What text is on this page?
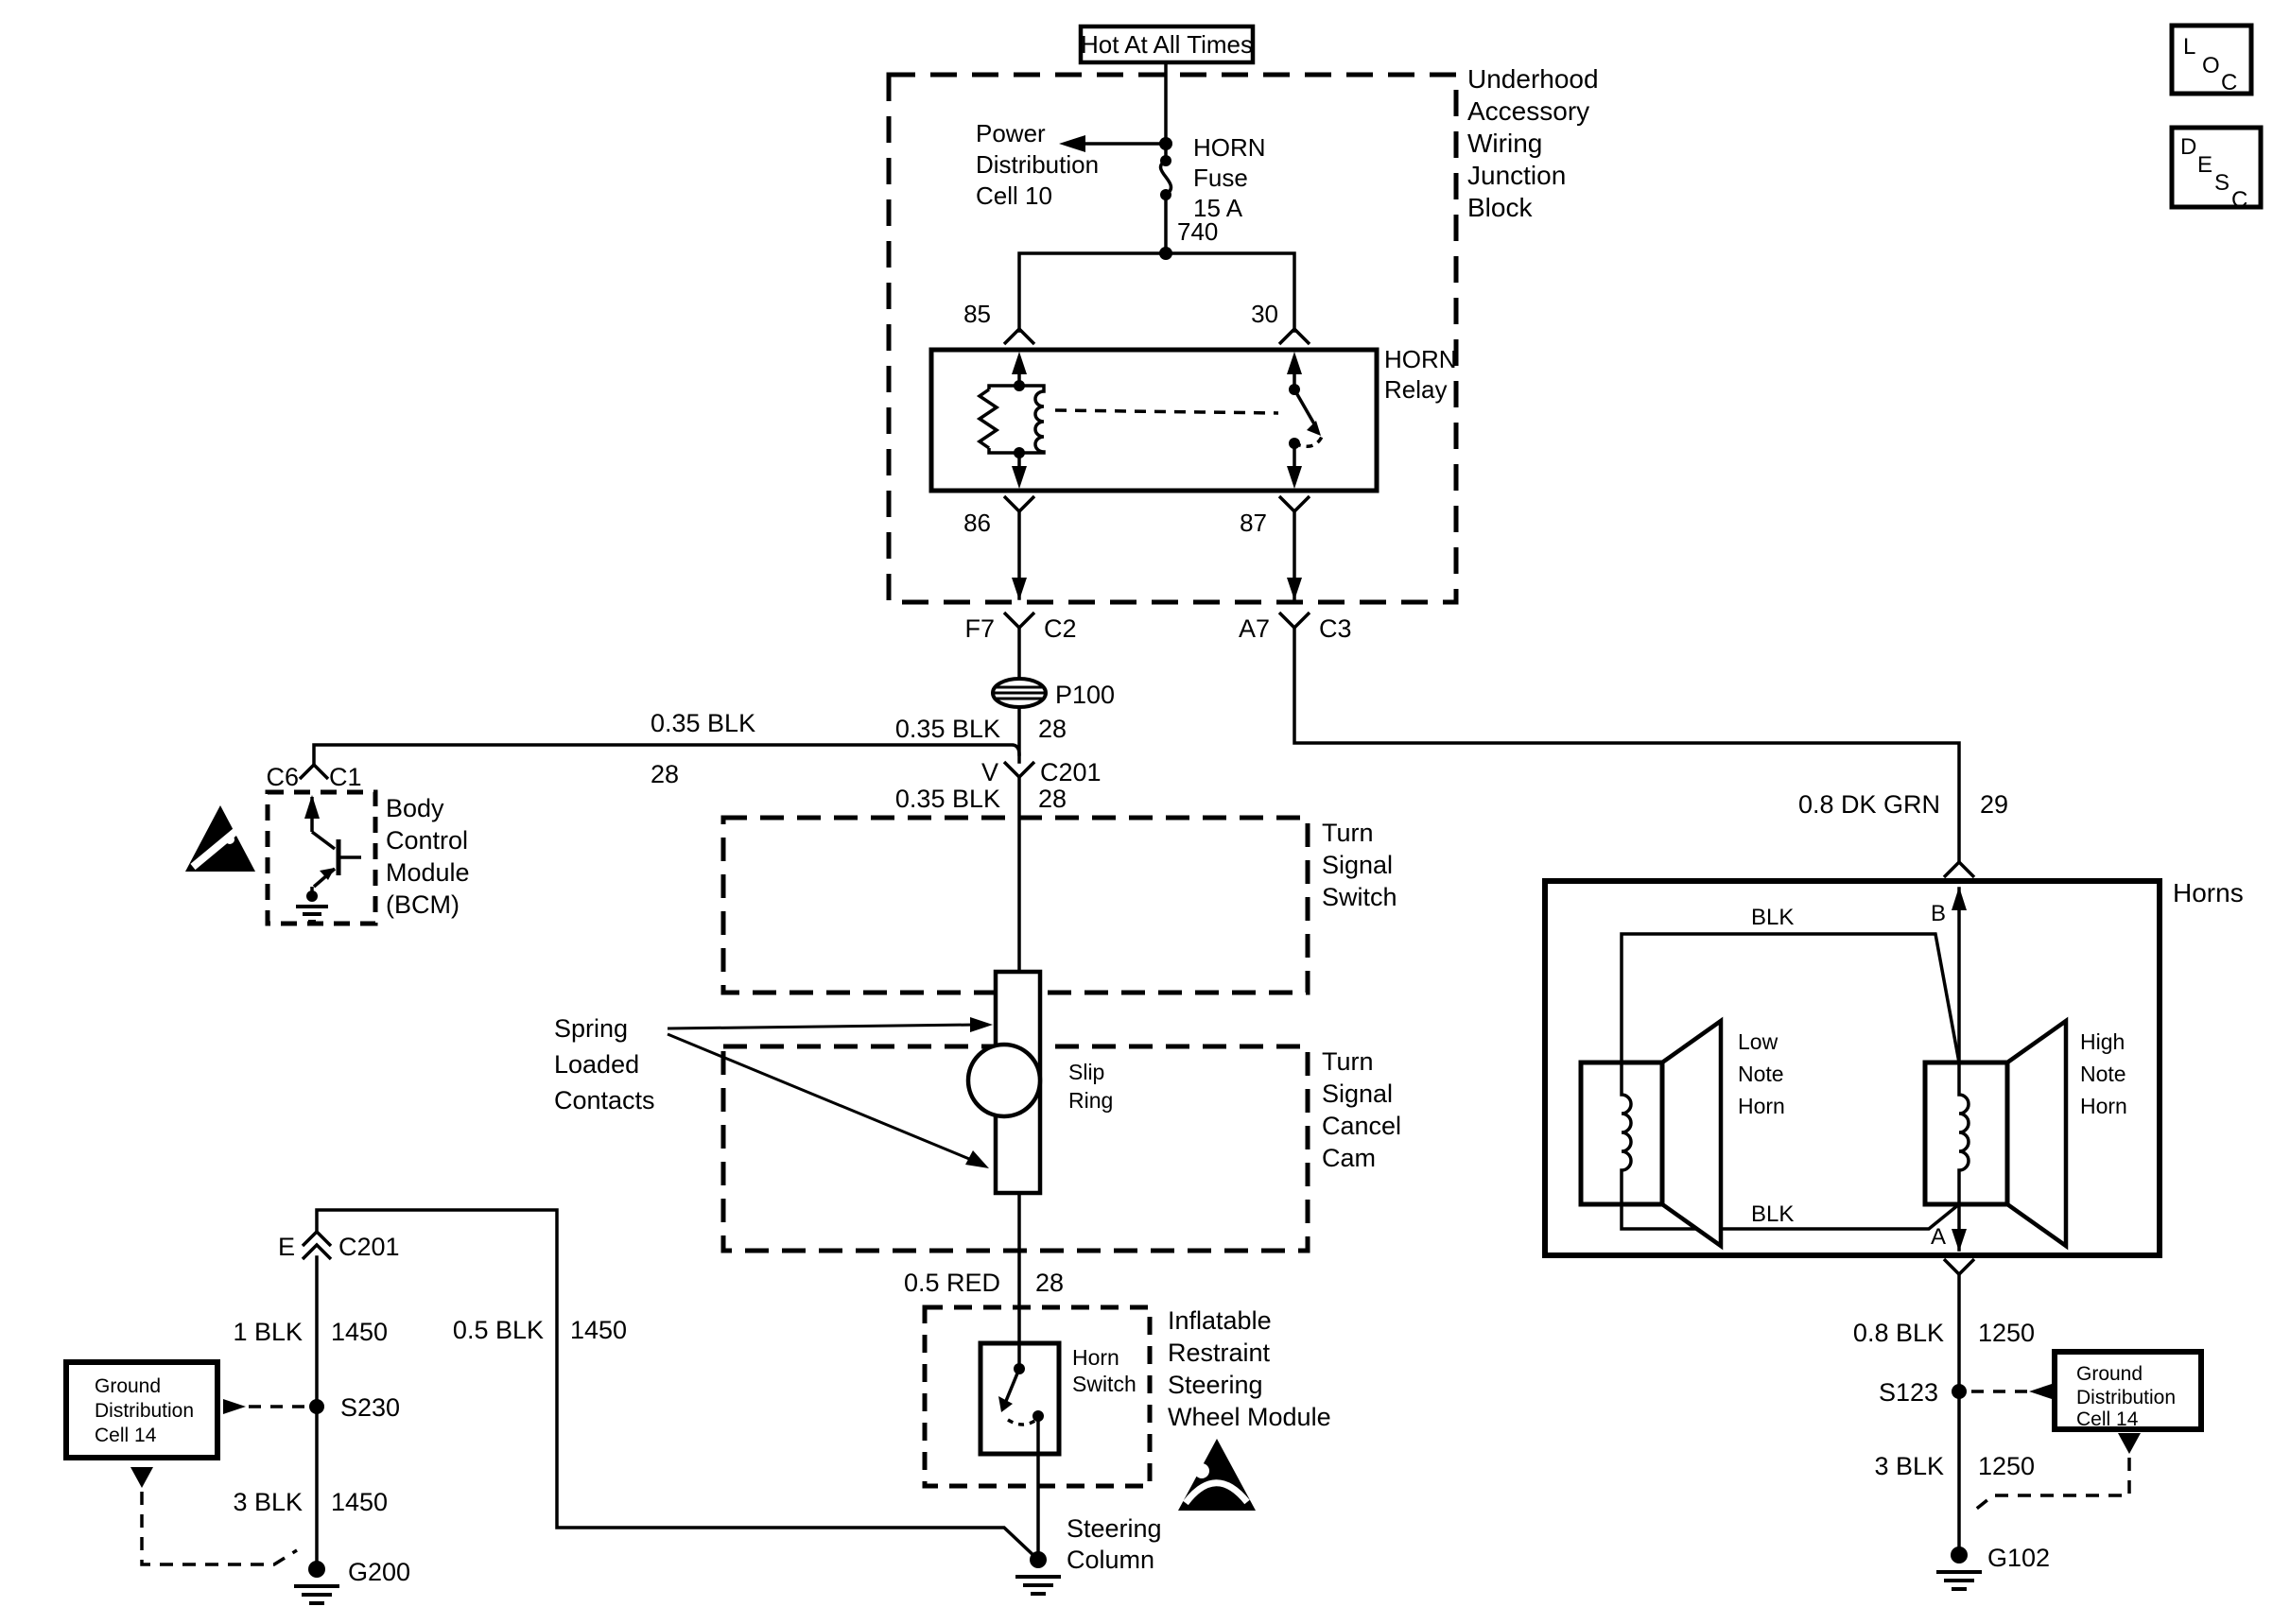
L
O
C
D
E
S
C
Hot At All Times
Power
Distribution
Cell 10
HORN
Fuse
15 A
740
Underhood
Accessory
Wiring
Junction
Block
85	30
HORN
Relay
86	87
F7 C2	A7 C3
P100
0.35 BLK 28
0.35 BLK
28	V C201
0.35 BLK 28
C6 C1
Body
Control
Module
(BCM)
Turn
Signal
Switch
Slip
Ring
Turn
Signal
Cancel
Cam
Spring
Loaded
Contacts
0.5 RED 28
Horn
Switch
Inflatable
Restraint
Steering
Wheel Module
Steering
Column
E C201
1 BLK 1450	0.5 BLK 1450
Ground
Distribution
Cell 14
S230
3 BLK 1450
G200
0.8 DK GRN 29
Horns
B
A
BLK
BLK
Low
Note
Horn
High
Note
Horn
0.8 BLK 1250
S123
Ground
Distribution
Cell 14
3 BLK 1250
G102
